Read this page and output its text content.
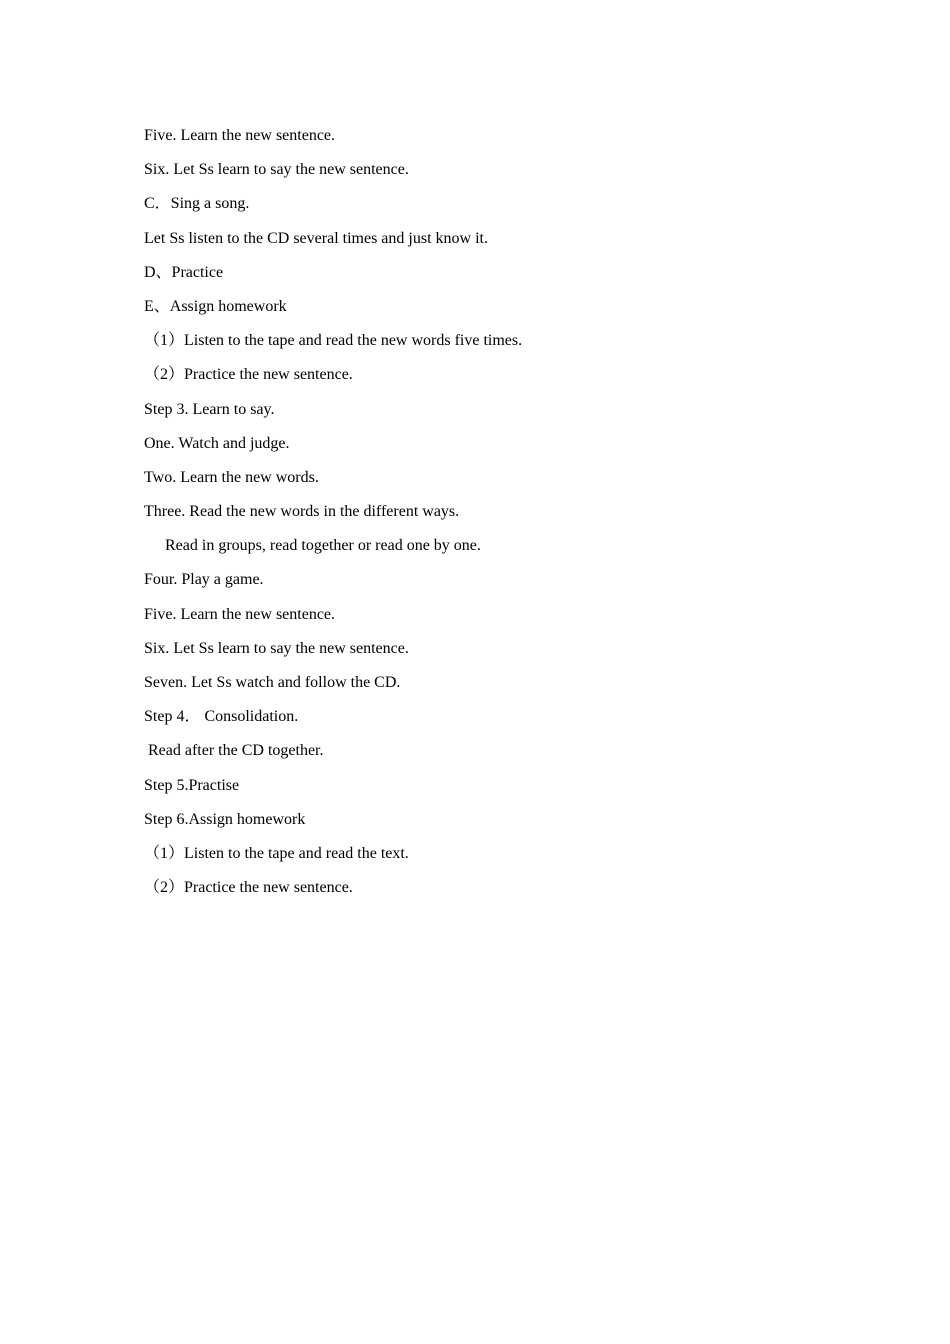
Five. Learn the new sentence.
Six. Let Ss learn to say the new sentence.
C．Sing a song.
Let Ss listen to the CD several times and just know it.
D、Practice
E、Assign homework
（1）Listen to the tape and read the new words five times.
（2）Practice the new sentence.
Step 3. Learn to say.
One. Watch and judge.
Two. Learn the new words.
Three. Read the new words in the different ways.
Read in groups, read together or read one by one.
Four. Play a game.
Five. Learn the new sentence.
Six. Let Ss learn to say the new sentence.
Seven. Let Ss watch and follow the CD.
Step 4． Consolidation.
Read after the CD together.
Step 5.Practise
Step 6.Assign homework
（1）Listen to the tape and read the text.
（2）Practice the new sentence.
